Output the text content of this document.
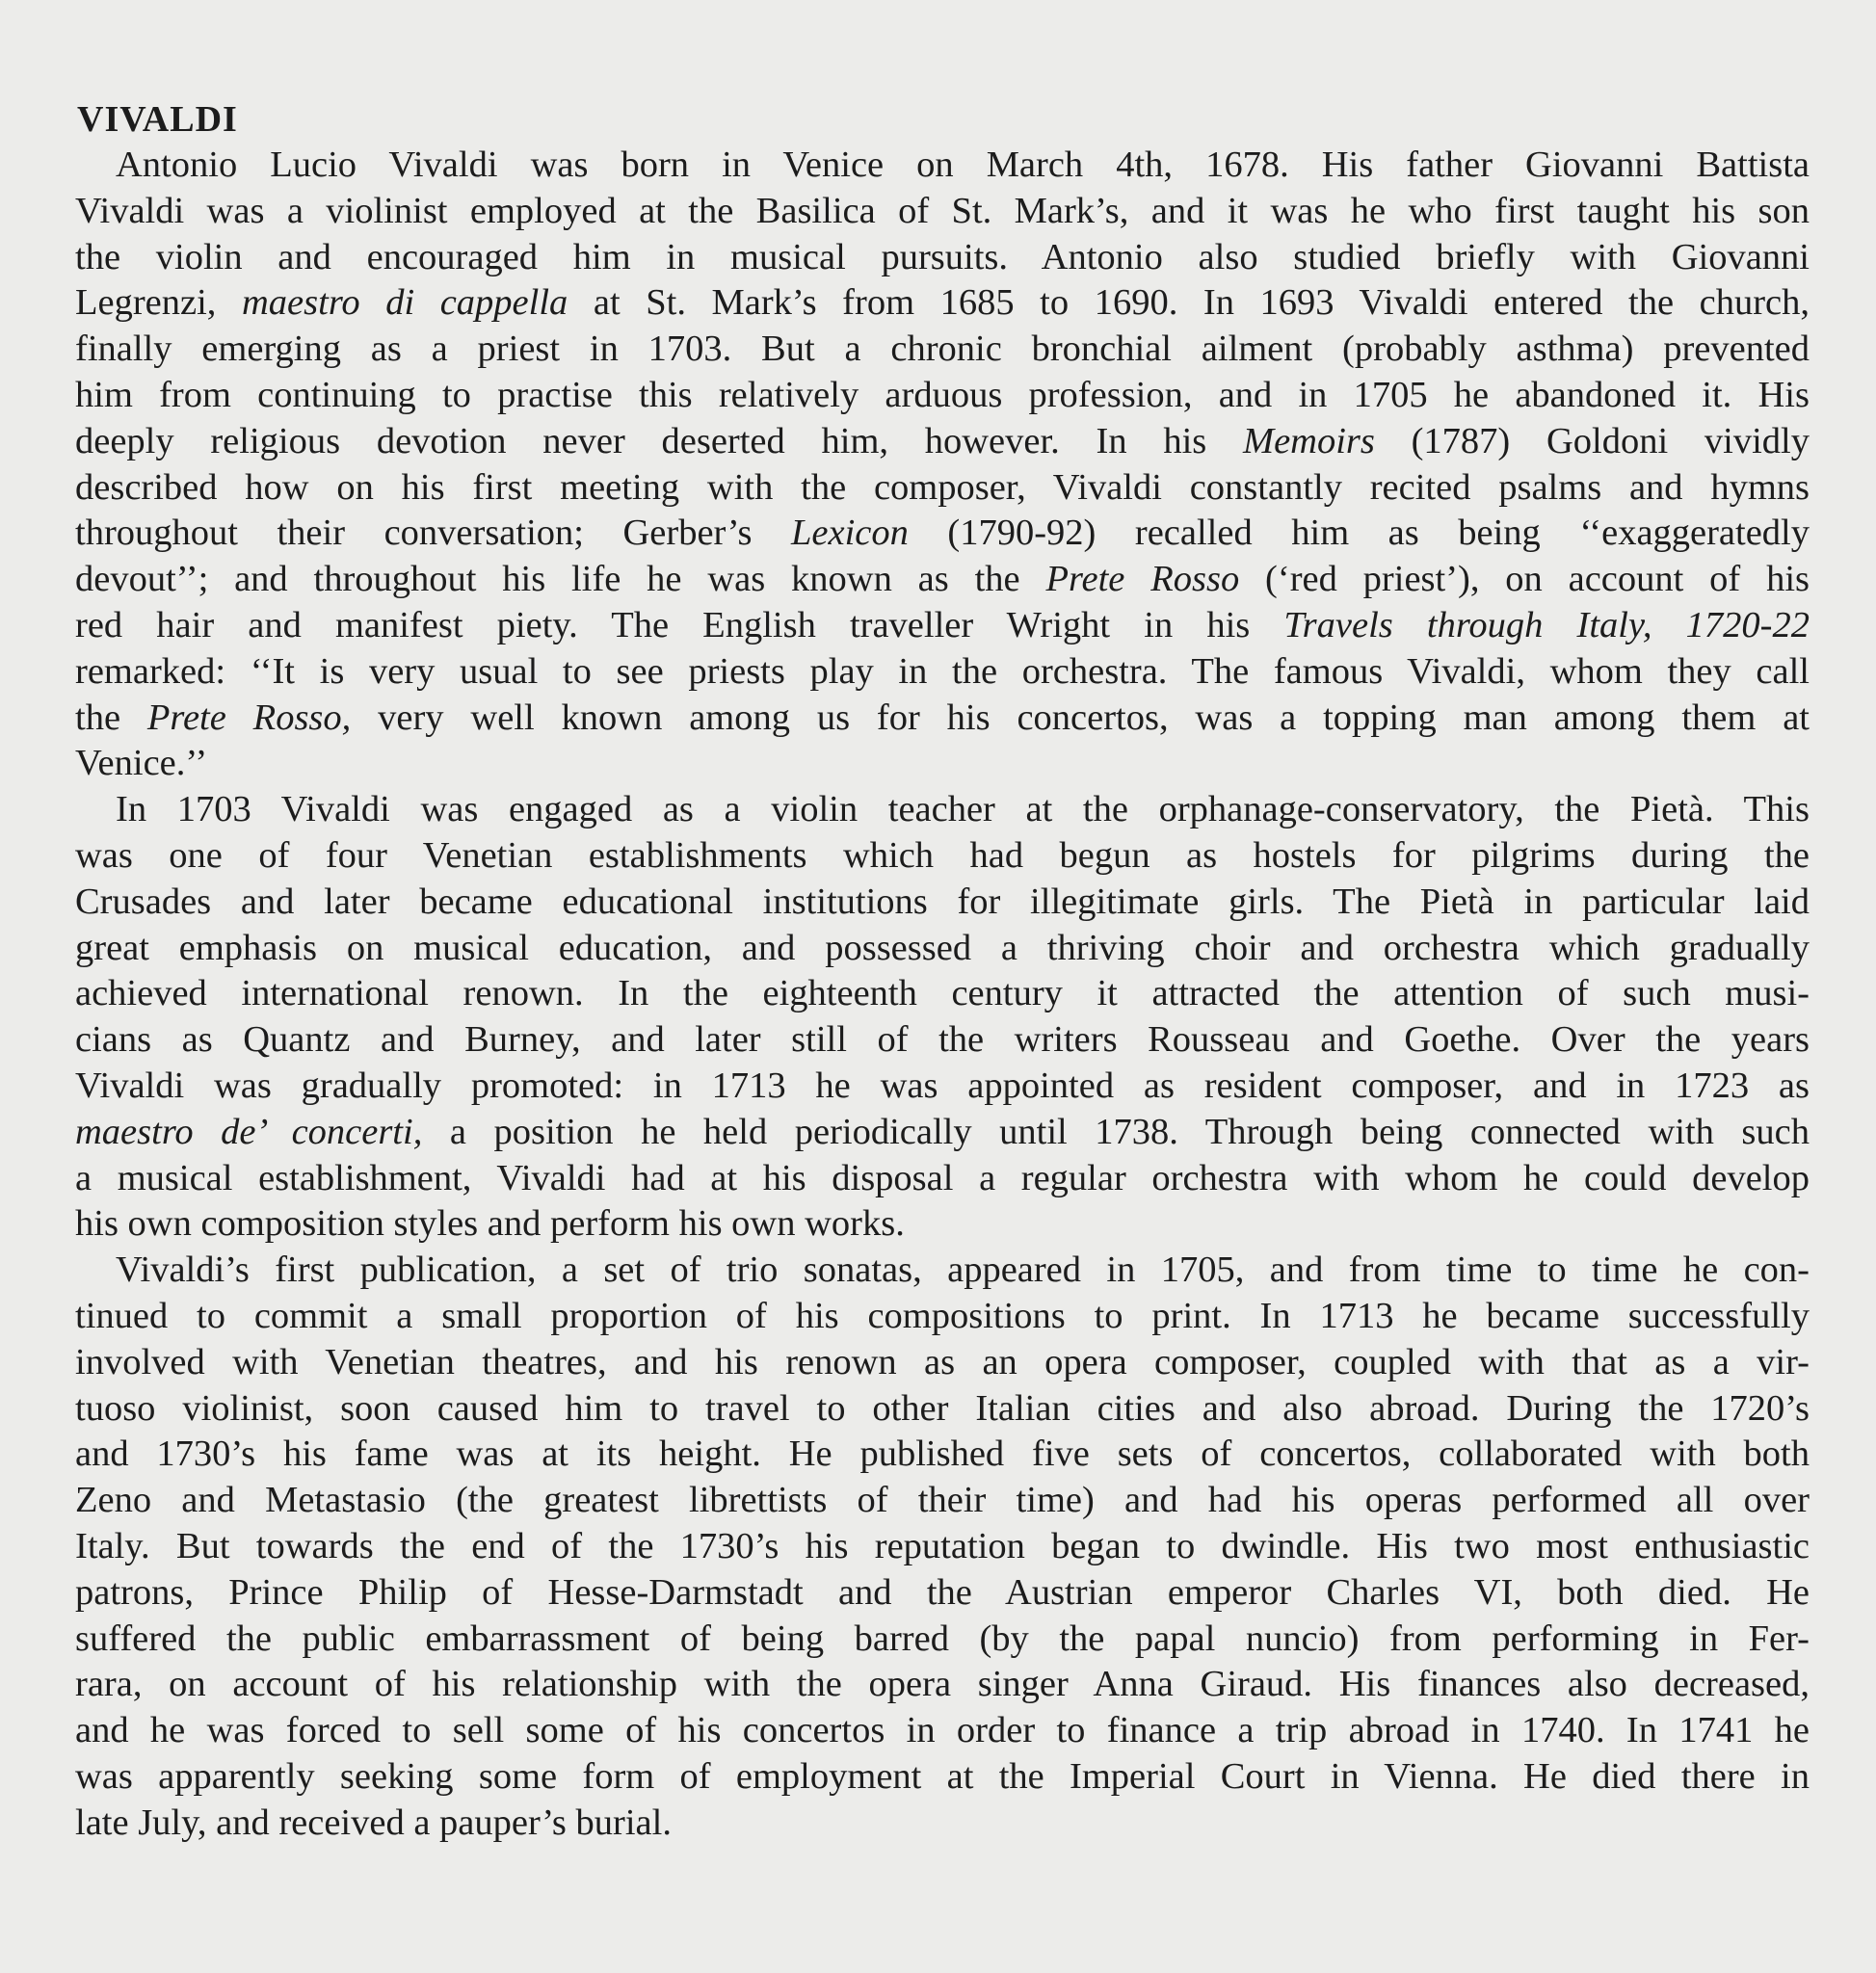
VIVALDI
Antonio Lucio Vivaldi was born in Venice on March 4th, 1678. His father Giovanni Battista
Vivaldi was a violinist employed at the Basilica of St. Mark’s, and it was he who first taught his son
the violin and encouraged him in musical pursuits. Antonio also studied briefly with Giovanni
Legrenzi, maestro di cappella at St. Mark’s from 1685 to 1690. In 1693 Vivaldi entered the church,
finally emerging as a priest in 1703. But a chronic bronchial ailment (probably asthma) prevented
him from continuing to practise this relatively arduous profession, and in 1705 he abandoned it. His
deeply religious devotion never deserted him, however. In his Memoirs (1787) Goldoni vividly
described how on his first meeting with the composer, Vivaldi constantly recited psalms and hymns
throughout their conversation; Gerber’s Lexicon (1790-92) recalled him as being ‘‘exaggeratedly
devout’’; and throughout his life he was known as the Prete Rosso (‘red priest’), on account of his
red hair and manifest piety. The English traveller Wright in his Travels through Italy, 1720-22
remarked: ‘‘It is very usual to see priests play in the orchestra. The famous Vivaldi, whom they call
the Prete Rosso, very well known among us for his concertos, was a topping man among them at
Venice.’’
In 1703 Vivaldi was engaged as a violin teacher at the orphanage-conservatory, the Pietà. This
was one of four Venetian establishments which had begun as hostels for pilgrims during the
Crusades and later became educational institutions for illegitimate girls. The Pietà in particular laid
great emphasis on musical education, and possessed a thriving choir and orchestra which gradually
achieved international renown. In the eighteenth century it attracted the attention of such musi-
cians as Quantz and Burney, and later still of the writers Rousseau and Goethe. Over the years
Vivaldi was gradually promoted: in 1713 he was appointed as resident composer, and in 1723 as
maestro de’ concerti, a position he held periodically until 1738. Through being connected with such
a musical establishment, Vivaldi had at his disposal a regular orchestra with whom he could develop
his own composition styles and perform his own works.
Vivaldi’s first publication, a set of trio sonatas, appeared in 1705, and from time to time he con-
tinued to commit a small proportion of his compositions to print. In 1713 he became successfully
involved with Venetian theatres, and his renown as an opera composer, coupled with that as a vir-
tuoso violinist, soon caused him to travel to other Italian cities and also abroad. During the 1720’s
and 1730’s his fame was at its height. He published five sets of concertos, collaborated with both
Zeno and Metastasio (the greatest librettists of their time) and had his operas performed all over
Italy. But towards the end of the 1730’s his reputation began to dwindle. His two most enthusiastic
patrons, Prince Philip of Hesse-Darmstadt and the Austrian emperor Charles VI, both died. He
suffered the public embarrassment of being barred (by the papal nuncio) from performing in Fer-
rara, on account of his relationship with the opera singer Anna Giraud. His finances also decreased,
and he was forced to sell some of his concertos in order to finance a trip abroad in 1740. In 1741 he
was apparently seeking some form of employment at the Imperial Court in Vienna. He died there in
late July, and received a pauper’s burial.
